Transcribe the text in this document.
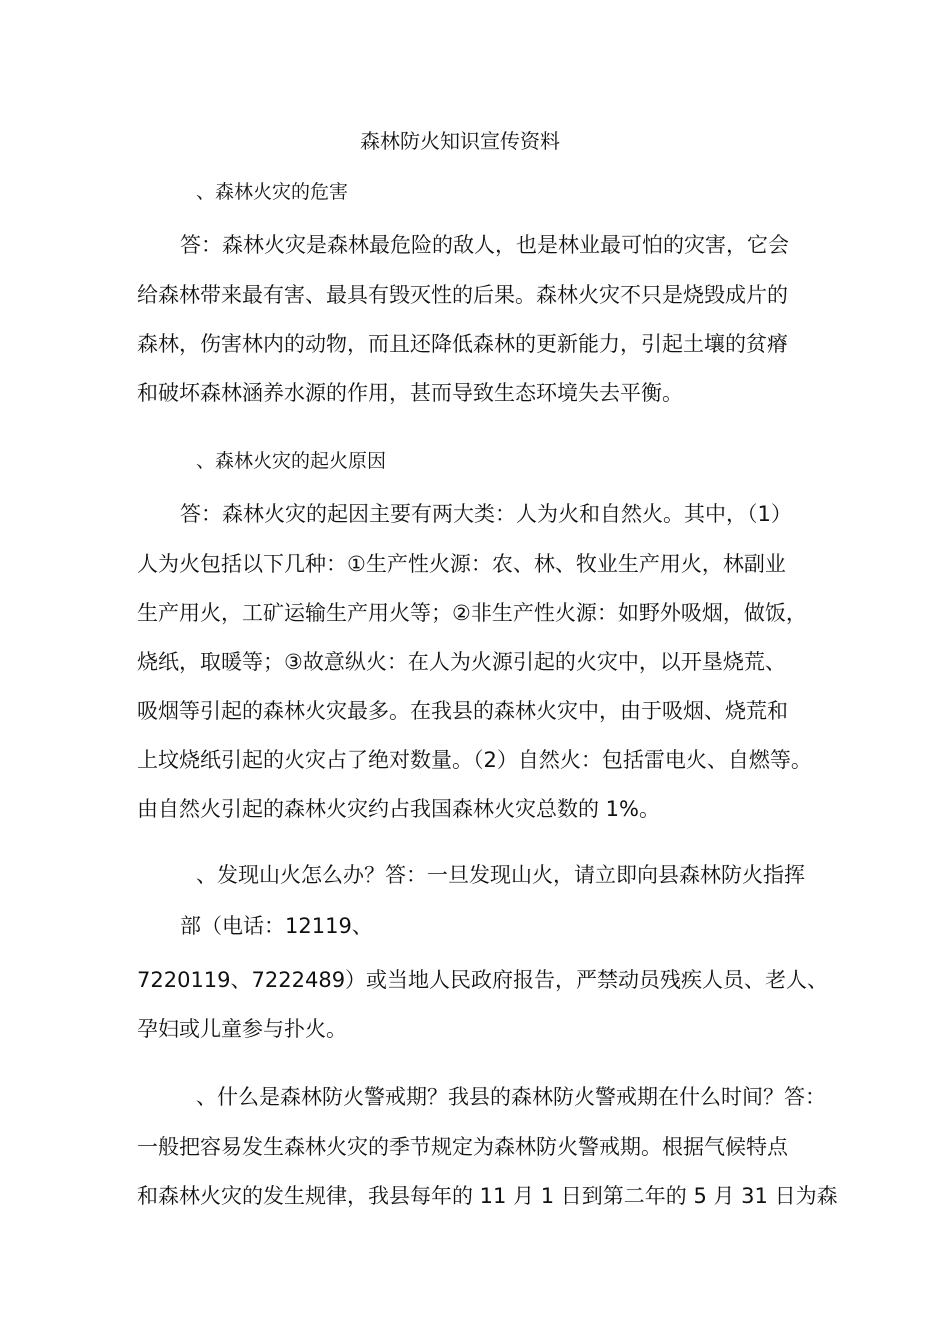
森林防火知识宣传资料
、森林火灾的危害
答：森林火灾是森林最危险的敌人，也是林业最可怕的灾害，它会
给森林带来最有害、最具有毁灭性的后果。森林火灾不只是烧毁成片的
森林，伤害林内的动物，而且还降低森林的更新能力，引起土壤的贫瘠
和破坏森林涵养水源的作用，甚而导致生态环境失去平衡。
、森林火灾的起火原因
答：森林火灾的起因主要有两大类：人为火和自然火。其中，（1）
人为火包括以下几种：①生产性火源：农、林、牧业生产用火，林副业
生产用火，工矿运输生产用火等；②非生产性火源：如野外吸烟，做饭，
烧纸，取暖等；③故意纵火：在人为火源引起的火灾中，以开垦烧荒、
吸烟等引起的森林火灾最多。在我县的森林火灾中，由于吸烟、烧荒和
上坟烧纸引起的火灾占了绝对数量。（2）自然火：包括雷电火、自燃等。
由自然火引起的森林火灾约占我国森林火灾总数的 1%。
、发现山火怎么办？答：一旦发现山火，请立即向县森林防火指挥
部（电话：12119、
7220119、7222489）或当地人民政府报告，严禁动员残疾人员、老人、
孕妇或儿童参与扑火。
、什么是森林防火警戒期？我县的森林防火警戒期在什么时间？答：
一般把容易发生森林火灾的季节规定为森林防火警戒期。根据气候特点
和森林火灾的发生规律，我县每年的 11 月 1 日到第二年的 5 月 31 日为森
